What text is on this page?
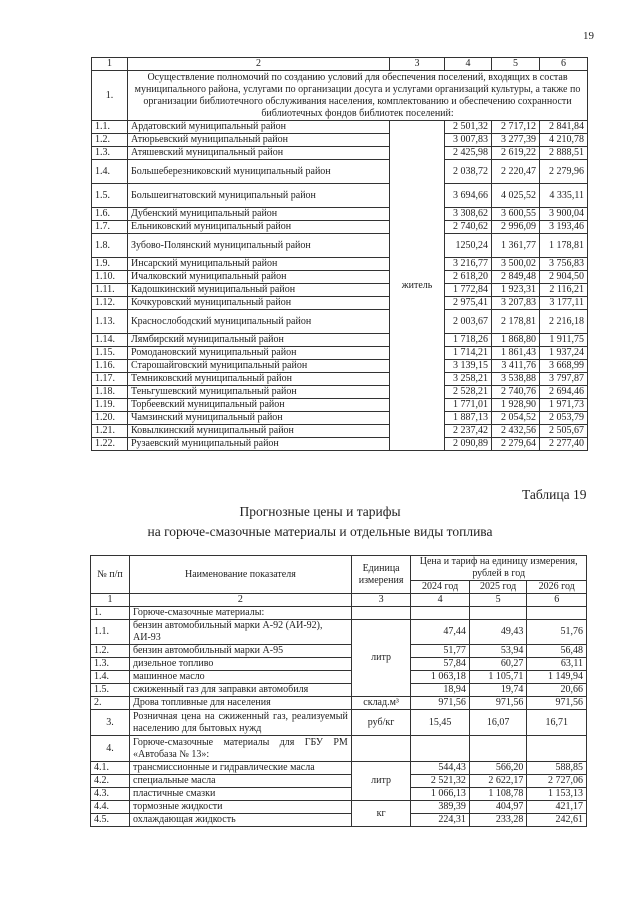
19
1	2	3	4	5	6
1.	Осуществление полномочий по созданию условий для обеспечения поселений, входящих в состав муниципального района, услугами по организации досуга и услугами организаций культуры, а также по организации библиотечного обслуживания населения, комплектованию и обеспечению сохранности библиотечных фондов библиотек поселений:				
1.1.	Ардатовский муниципальный район	житель	2 501,32	2 717,12	2 841,84
1.2.	Атюрьевский муниципальный район		3 007,83	3 277,39	4 210,78
1.3.	Атяшевский муниципальный район		2 425,98	2 619,22	2 888,51
1.4.	Большеберезниковский муниципальный район		2 038,72	2 220,47	2 279,96
1.5.	Большеигнатовский муниципальный район		3 694,66	4 025,52	4 335,11
1.6.	Дубенский муниципальный район		3 308,62	3 600,55	3 900,04
1.7.	Ельниковский муниципальный район		2 740,62	2 996,09	3 193,46
1.8.	Зубово-Полянский муниципальный район		1250,24	1 361,77	1 178,81
1.9.	Инсарский муниципальный район		3 216,77	3 500,02	3 756,83
1.10.	Ичалковский муниципальный район		2 618,20	2 849,48	2 904,50
1.11.	Кадошкинский муниципальный район		1 772,84	1 923,31	2 116,21
1.12.	Кочкуровский муниципальный район		2 975,41	3 207,83	3 177,11
1.13.	Краснослободский муниципальный район		2 003,67	2 178,81	2 216,18
1.14.	Лямбирский муниципальный район		1 718,26	1 868,80	1 911,75
1.15.	Ромодановский муниципальный район		1 714,21	1 861,43	1 937,24
1.16.	Старошайговский муниципальный район		3 139,15	3 411,76	3 668,99
1.17.	Темниковский муниципальный район		3 258,21	3 538,88	3 797,87
1.18.	Теньгушевский муниципальный район		2 528,21	2 740,76	2 694,46
1.19.	Торбеевский муниципальный район		1 771,01	1 928,90	1 971,73
1.20.	Чамзинский муниципальный район		1 887,13	2 054,52	2 053,79
1.21.	Ковылкинский муниципальный район		2 237,42	2 432,56	2 505,67
1.22.	Рузаевский муниципальный район		2 090,89	2 279,64	2 277,40
Таблица 19
Прогнозные цены и тарифы
на горюче-смазочные материалы и отдельные виды топлива
№ п/п	Наименование показателя	Единица измерения	Цена и тариф на единицу измерения, рублей в год		
			2024 год	2025 год	2026 год
1	2	3	4	5	6
1.	Горюче-смазочные материалы:				
1.1.	бензин автомобильный марки А-92 (АИ-92), АИ-93	литр	47,44	49,43	51,76
1.2.	бензин автомобильный марки А-95		51,77	53,94	56,48
1.3.	дизельное топливо		57,84	60,27	63,11
1.4.	машинное масло		1 063,18	1 105,71	1 149,94
1.5.	сжиженный газ для заправки автомобиля		18,94	19,74	20,66
2.	Дрова топливные для населения	склад.м³	971,56	971,56	971,56
3.	Розничная цена на сжиженный газ, реализуемый населению для бытовых нужд	руб/кг	15,45	16,07	16,71
4.	Горюче-смазочные материалы для ГБУ РМ «Автобаза № 13»:				
4.1.	трансмиссионные и гидравлические масла	литр	544,43	566,20	588,85
4.2.	специальные масла		2 521,32	2 622,17	2 727,06
4.3.	пластичные смазки		1 066,13	1 108,78	1 153,13
4.4.	тормозные жидкости	кг	389,39	404,97	421,17
4.5.	охлаждающая жидкость		224,31	233,28	242,61
